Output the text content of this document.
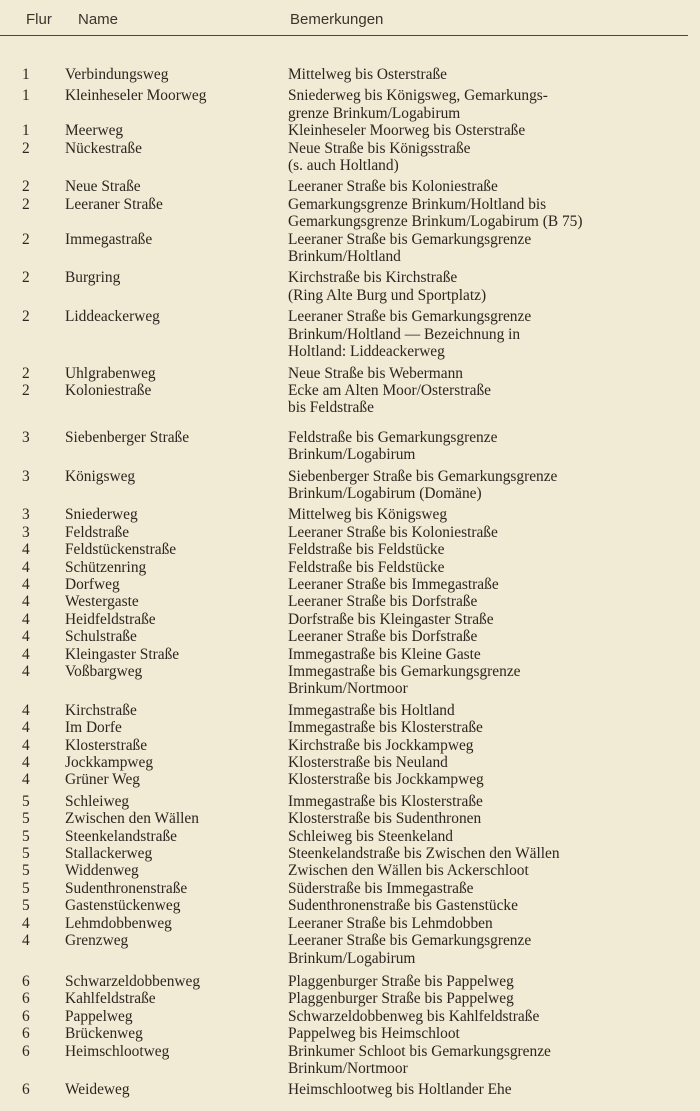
Flur Name	Bemerkungen
1	Verbindungsweg	Mittelweg bis Osterstraße
1	Kleinheseler Moorweg	Sniederweg bis Königsweg, Gemarkungs-
grenze Brinkum/Logabirum
1	Meerweg	Kleinheseler Moorweg bis Osterstraße
2	Nückestraße	Neue Straße bis Königsstraße
(s. auch Holtland)
2	Neue Straße	Leeraner Straße bis Koloniestraße
2	Leeraner Straße	Gemarkungsgrenze Brinkum/Holtland bis
Gemarkungsgrenze Brinkum/Logabirum (B 75)
2	Immegastraße	Leeraner Straße bis Gemarkungsgrenze
Brinkum/Holtland
2	Burgring	Kirchstraße bis Kirchstraße
(Ring Alte Burg und Sportplatz)
2	Liddeackerweg	Leeraner Straße bis Gemarkungsgrenze
Brinkum/Holtland — Bezeichnung in
Holtland: Liddeackerweg
2	Uhlgrabenweg	Neue Straße bis Webermann
2	Koloniestraße	Ecke am Alten Moor/Osterstraße
bis Feldstraße
3	Siebenberger Straße	Feldstraße bis Gemarkungsgrenze
Brinkum/Logabirum
3	Königsweg	Siebenberger Straße bis Gemarkungsgrenze
Brinkum/Logabirum (Domäne)
3	Sniederweg	Mittelweg bis Königsweg
3	Feldstraße	Leeraner Straße bis Koloniestraße
4	Feldstückenstraße	Feldstraße bis Feldstücke
4	Schützenring	Feldstraße bis Feldstücke
4	Dorfweg	Leeraner Straße bis Immegastraße
4	Westergaste	Leeraner Straße bis Dorfstraße
4	Heidfeldstraße	Dorfstraße bis Kleingaster Straße
4	Schulstraße	Leeraner Straße bis Dorfstraße
4	Kleingaster Straße	Immegastraße bis Kleine Gaste
4	Voßbargweg	Immegastraße bis Gemarkungsgrenze
Brinkum/Nortmoor
4	Kirchstraße	Immegastraße bis Holtland
4	Im Dorfe	Immegastraße bis Klosterstraße
4	Klosterstraße	Kirchstraße bis Jockkampweg
4	Jockkampweg	Klosterstraße bis Neuland
4	Grüner Weg	Klosterstraße bis Jockkampweg
5	Schleiweg	Immegastraße bis Klosterstraße
5	Zwischen den Wällen	Klosterstraße bis Sudenthronen
5	Steenkelandstraße	Schleiweg bis Steenkeland
5	Stallackerweg	Steenkelandstraße bis Zwischen den Wällen
5	Widdenweg	Zwischen den Wällen bis Ackerschloot
5	Sudenthronenstraße	Süderstraße bis Immegastraße
5	Gastenstückenweg	Sudenthronenstraße bis Gastenstücke
4	Lehmdobbenweg	Leeraner Straße bis Lehmdobben
4	Grenzweg	Leeraner Straße bis Gemarkungsgrenze
Brinkum/Logabirum
6	Schwarzeldobbenweg	Plaggenburger Straße bis Pappelweg
6	Kahlfeldstraße	Plaggenburger Straße bis Pappelweg
6	Pappelweg	Schwarzeldobbenweg bis Kahlfeldstraße
6	Brückenweg	Pappelweg bis Heimschloot
6	Heimschlootweg	Brinkumer Schloot bis Gemarkungsgrenze
Brinkum/Nortmoor
6	Weideweg	Heimschlootweg bis Holtlander Ehe
